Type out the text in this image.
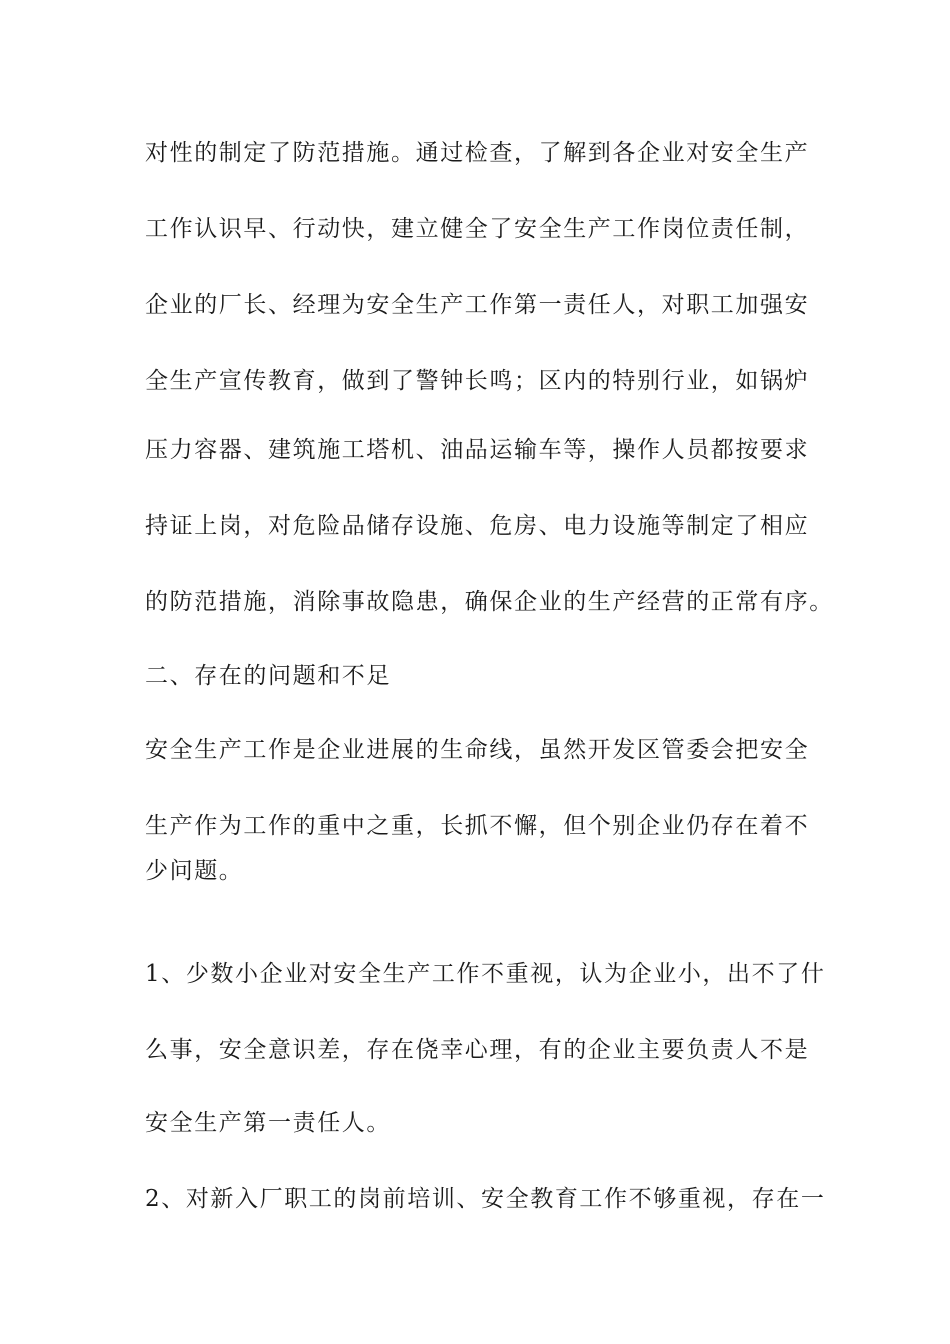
对性的制定了防范措施。通过检查，了解到各企业对安全生产
工作认识早、行动快，建立健全了安全生产工作岗位责任制，
企业的厂长、经理为安全生产工作第一责任人，对职工加强安
全生产宣传教育，做到了警钟长鸣；区内的特别行业，如锅炉
压力容器、建筑施工塔机、油品运输车等，操作人员都按要求
持证上岗，对危险品储存设施、危房、电力设施等制定了相应
的防范措施，消除事故隐患，确保企业的生产经营的正常有序。
二、存在的问题和不足
安全生产工作是企业进展的生命线，虽然开发区管委会把安全
生产作为工作的重中之重，长抓不懈，但个别企业仍存在着不
少问题。
1、少数小企业对安全生产工作不重视，认为企业小，出不了什
么事，安全意识差，存在侥幸心理，有的企业主要负责人不是
安全生产第一责任人。
2、对新入厂职工的岗前培训、安全教育工作不够重视，存在一
